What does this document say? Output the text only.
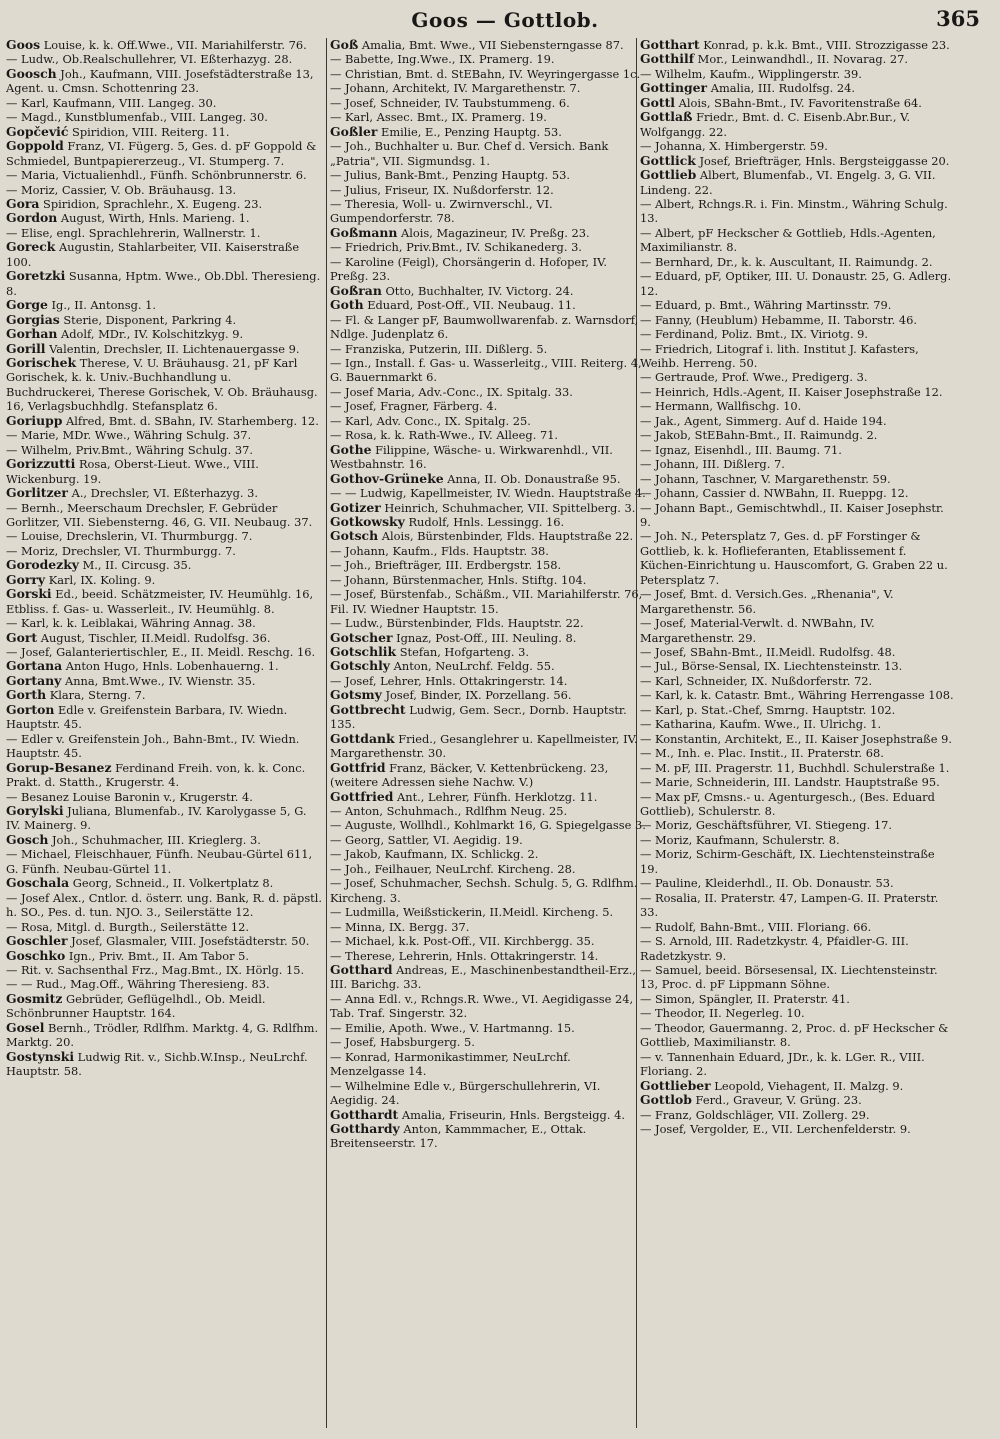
Goos — Gottlob.	365

Goos Louise, k. k. Off.Wwe., VII. Mariahilferstr. 76.

— Ludw., Ob.Realschullehrer, VI. Eßterhazyg. 28.

Goosch Joh., Kaufmann, VIII. Josefstädterstraße 13, Agent. u. Cmsn. Schottenring 23.

— Karl, Kaufmann, VIII. Langeg. 30.

— Magd., Kunstblumenfab., VIII. Langeg. 30.

Gopčević Spiridion, VIII. Reiterg. 11.

Goppold Franz, VI. Fügerg. 5, Ges. d. pF Goppold & Schmiedel, Buntpapiererzeug., VI. Stumperg. 7.

— Maria, Victualienhdl., Fünfh. Schönbrunnerstr. 6.

— Moriz, Cassier, V. Ob. Bräuhausg. 13.

Gora Spiridion, Sprachlehr., X. Eugeng. 23.

Gordon August, Wirth, Hnls. Marieng. 1.

— Elise, engl. Sprachlehrerin, Wallnerstr. 1.

Goreck Augustin, Stahlarbeiter, VII. Kaiserstraße 100.

Goretzki Susanna, Hptm. Wwe., Ob.Dbl. Theresieng. 8.

Gorge Ig., II. Antonsg. 1.

Gorgias Sterie, Disponent, Parkring 4.

Gorhan Adolf, MDr., IV. Kolschitzkyg. 9.

Gorill Valentin, Drechsler, II. Lichtenauergasse 9.

Gorischek Therese, V. U. Bräuhausg. 21, pF Karl Gorischek, k. k. Univ.-Buchhandlung u. Buchdruckerei, Therese Gorischek, V. Ob. Bräuhausg. 16, Verlagsbuchhdlg. Stefansplatz 6.

Goriupp Alfred, Bmt. d. SBahn, IV. Starhemberg. 12.

— Marie, MDr. Wwe., Währing Schulg. 37.

— Wilhelm, Priv.Bmt., Währing Schulg. 37.

Gorizzutti Rosa, Oberst-Lieut. Wwe., VIII. Wickenburg. 19.

Gorlitzer A., Drechsler, VI. Eßterhazyg. 3.

— Bernh., Meerschaum Drechsler, F. Gebrüder Gorlitzer, VII. Siebensterng. 46, G. VII. Neubaug. 37.

— Louise, Drechslerin, VI. Thurmburgg. 7.

— Moriz, Drechsler, VI. Thurmburgg. 7.

Gorodezky M., II. Circusg. 35.

Gorry Karl, IX. Koling. 9.

Gorski Ed., beeid. Schätzmeister, IV. Heumühlg. 16, Etbliss. f. Gas- u. Wasserleit., IV. Heumühlg. 8.

— Karl, k. k. Leiblakai, Währing Annag. 38.

Gort August, Tischler, II.Meidl. Rudolfsg. 36.

— Josef, Galanteriertischler, E., II. Meidl. Reschg. 16.

Gortana Anton Hugo, Hnls. Lobenhauerng. 1.

Gortany Anna, Bmt.Wwe., IV. Wienstr. 35.

Gorth Klara, Sterng. 7.

Gorton Edle v. Greifenstein Barbara, IV. Wiedn. Hauptstr. 45.

— Edler v. Greifenstein Joh., Bahn-Bmt., IV. Wiedn. Hauptstr. 45.

Gorup-Besanez Ferdinand Freih. von, k. k. Conc. Prakt. d. Statth., Krugerstr. 4.

— Besanez Louise Baronin v., Krugerstr. 4.

Gorylski Juliana, Blumenfab., IV. Karolygasse 5, G. IV. Mainerg. 9.

Gosch Joh., Schuhmacher, III. Krieglerg. 3.

— Michael, Fleischhauer, Fünfh. Neubau-Gürtel 611, G. Fünfh. Neubau-Gürtel 11.

Goschala Georg, Schneid., II. Volkertplatz 8.

— Josef Alex., Cntlor. d. österr. ung. Bank, R. d. päpstl. h. SO., Pes. d. tun. NJO. 3., Seilerstätte 12.

— Rosa, Mitgl. d. Burgth., Seilerstätte 12.

Goschler Josef, Glasmaler, VIII. Josefstädterstr. 50.

Goschko Ign., Priv. Bmt., II. Am Tabor 5.

— Rit. v. Sachsenthal Frz., Mag.Bmt., IX. Hörlg. 15.

— — Rud., Mag.Off., Währing Theresieng. 83.

Gosmitz Gebrüder, Geflügelhdl., Ob. Meidl. Schönbrunner Hauptstr. 164.

Gosel Bernh., Trödler, Rdlfhm. Marktg. 4, G. Rdlfhm. Marktg. 20.

Gostynski Ludwig Rit. v., Sichb.W.Insp., NeuLrchf. Hauptstr. 58.

Goß Amalia, Bmt. Wwe., VII Siebensterngasse 87.

— Babette, Ing.Wwe., IX. Pramerg. 19.

— Christian, Bmt. d. StEBahn, IV. Weyringergasse 1c.

— Johann, Architekt, IV. Margarethenstr. 7.

— Josef, Schneider, IV. Taubstummeng. 6.

— Karl, Assec. Bmt., IX. Pramerg. 19.

Goßler Emilie, E., Penzing Hauptg. 53.

— Joh., Buchhalter u. Bur. Chef d. Versich. Bank „Patria", VII. Sigmundsg. 1.

— Julius, Bank-Bmt., Penzing Hauptg. 53.

— Julius, Friseur, IX. Nußdorferstr. 12.

— Theresia, Woll- u. Zwirnverschl., VI. Gumpendorferstr. 78.

Goßmann Alois, Magazineur, IV. Preßg. 23.

— Friedrich, Priv.Bmt., IV. Schikanederg. 3.

— Karoline (Feigl), Chorsängerin d. Hofoper, IV. Preßg. 23.

Goßran Otto, Buchhalter, IV. Victorg. 24.

Goth Eduard, Post-Off., VII. Neubaug. 11.

— Fl. & Langer pF, Baumwollwarenfab. z. Warnsdorf, Ndlge. Judenplatz 6.

— Franziska, Putzerin, III. Dißlerg. 5.

— Ign., Install. f. Gas- u. Wasserleitg., VIII. Reiterg. 4, G. Bauernmarkt 6.

— Josef Maria, Adv.-Conc., IX. Spitalg. 33.

— Josef, Fragner, Färberg. 4.

— Karl, Adv. Conc., IX. Spitalg. 25.

— Rosa, k. k. Rath-Wwe., IV. Alleeg. 71.

Gothe Filippine, Wäsche- u. Wirkwarenhdl., VII. Westbahnstr. 16.

Gothov-Grüneke Anna, II. Ob. Donaustraße 95.

— — Ludwig, Kapellmeister, IV. Wiedn. Hauptstraße 4.

Gotizer Heinrich, Schuhmacher, VII. Spittelberg. 3.

Gotkowsky Rudolf, Hnls. Lessingg. 16.

Gotsch Alois, Bürstenbinder, Flds. Hauptstraße 22.

— Johann, Kaufm., Flds. Hauptstr. 38.

— Joh., Briefträger, III. Erdbergstr. 158.

— Johann, Bürstenmacher, Hnls. Stiftg. 104.

— Josef, Bürstenfab., Schäßm., VII. Mariahilferstr. 76, Fil. IV. Wiedner Hauptstr. 15.

— Ludw., Bürstenbinder, Flds. Hauptstr. 22.

Gotscher Ignaz, Post-Off., III. Neuling. 8.

Gotschlik Stefan, Hofgarteng. 3.

Gotschly Anton, NeuLrchf. Feldg. 55.

— Josef, Lehrer, Hnls. Ottakringerstr. 14.

Gotsmy Josef, Binder, IX. Porzellang. 56.

Gottbrecht Ludwig, Gem. Secr., Dornb. Hauptstr. 135.

Gottdank Fried., Gesanglehrer u. Kapellmeister, IV. Margarethenstr. 30.

Gottfrid Franz, Bäcker, V. Kettenbrückeng. 23, (weitere Adressen siehe Nachw. V.)

Gottfried Ant., Lehrer, Fünfh. Herklotzg. 11.

— Anton, Schuhmach., Rdlfhm Neug. 25.

— Auguste, Wollhdl., Kohlmarkt 16, G. Spiegelgasse 3.

— Georg, Sattler, VI. Aegidig. 19.

— Jakob, Kaufmann, IX. Schlickg. 2.

— Joh., Feilhauer, NeuLrchf. Kircheng. 28.

— Josef, Schuhmacher, Sechsh. Schulg. 5, G. Rdlfhm. Kircheng. 3.

— Ludmilla, Weißstickerin, II.Meidl. Kircheng. 5.

— Minna, IX. Bergg. 37.

— Michael, k.k. Post-Off., VII. Kirchbergg. 35.

— Therese, Lehrerin, Hnls. Ottakringerstr. 14.

Gotthard Andreas, E., Maschinenbestandtheil-Erz., III. Barichg. 33.

— Anna Edl. v., Rchngs.R. Wwe., VI. Aegidigasse 24, Tab. Traf. Singerstr. 32.

— Emilie, Apoth. Wwe., V. Hartmanng. 15.

— Josef, Habsburgerg. 5.

— Konrad, Harmonikastimmer, NeuLrchf. Menzelgasse 14.

— Wilhelmine Edle v., Bürgerschullehrerin, VI. Aegidig. 24.

Gotthardt Amalia, Friseurin, Hnls. Bergsteigg. 4.

Gotthardy Anton, Kammmacher, E., Ottak. Breitenseerstr. 17.

Gotthart Konrad, p. k.k. Bmt., VIII. Strozzigasse 23.

Gotthilf Mor., Leinwandhdl., II. Novarag. 27.

— Wilhelm, Kaufm., Wipplingerstr. 39.

Gottinger Amalia, III. Rudolfsg. 24.

Gottl Alois, SBahn-Bmt., IV. Favoritenstraße 64.

Gottlaß Friedr., Bmt. d. C. Eisenb.Abr.Bur., V. Wolfgangg. 22.

— Johanna, X. Himbergerstr. 59.

Gottlick Josef, Briefträger, Hnls. Bergsteiggasse 20.

Gottlieb Albert, Blumenfab., VI. Engelg. 3, G. VII. Lindeng. 22.

— Albert, Rchngs.R. i. Fin. Minstm., Währing Schulg. 13.

— Albert, pF Heckscher & Gottlieb, Hdls.-Agenten, Maximilianstr. 8.

— Bernhard, Dr., k. k. Auscultant, II. Raimundg. 2.

— Eduard, pF, Optiker, III. U. Donaustr. 25, G. Adlerg. 12.

— Eduard, p. Bmt., Währing Martinsstr. 79.

— Fanny, (Heublum) Hebamme, II. Taborstr. 46.

— Ferdinand, Poliz. Bmt., IX. Viriotg. 9.

— Friedrich, Litograf i. lith. Institut J. Kafasters, Weihb. Herreng. 50.

— Gertraude, Prof. Wwe., Predigerg. 3.

— Heinrich, Hdls.-Agent, II. Kaiser Josephstraße 12.

— Hermann, Wallfischg. 10.

— Jak., Agent, Simmerg. Auf d. Haide 194.

— Jakob, StEBahn-Bmt., II. Raimundg. 2.

— Ignaz, Eisenhdl., III. Baumg. 71.

— Johann, III. Dißlerg. 7.

— Johann, Taschner, V. Margarethenstr. 59.

— Johann, Cassier d. NWBahn, II. Rueppg. 12.

— Johann Bapt., Gemischtwhdl., II. Kaiser Josephstr. 9.

— Joh. N., Petersplatz 7, Ges. d. pF Forstinger & Gottlieb, k. k. Hoflieferanten, Etablissement f. Küchen-Einrichtung u. Hauscomfort, G. Graben 22 u. Petersplatz 7.

— Josef, Bmt. d. Versich.Ges. „Rhenania", V. Margarethenstr. 56.

— Josef, Material-Verwlt. d. NWBahn, IV. Margarethenstr. 29.

— Josef, SBahn-Bmt., II.Meidl. Rudolfsg. 48.

— Jul., Börse-Sensal, IX. Liechtensteinstr. 13.

— Karl, Schneider, IX. Nußdorferstr. 72.

— Karl, k. k. Catastr. Bmt., Währing Herrengasse 108.

— Karl, p. Stat.-Chef, Smrng. Hauptstr. 102.

— Katharina, Kaufm. Wwe., II. Ulrichg. 1.

— Konstantin, Architekt, E., II. Kaiser Josephstraße 9.

— M., Inh. e. Plac. Instit., II. Praterstr. 68.

— M. pF, III. Pragerstr. 11, Buchhdl. Schulerstraße 1.

— Marie, Schneiderin, III. Landstr. Hauptstraße 95.

— Max pF, Cmsns.- u. Agenturgesch., (Bes. Eduard Gottlieb), Schulerstr. 8.

— Moriz, Geschäftsführer, VI. Stiegeng. 17.

— Moriz, Kaufmann, Schulerstr. 8.

— Moriz, Schirm-Geschäft, IX. Liechtensteinstraße 19.

— Pauline, Kleiderhdl., II. Ob. Donaustr. 53.

— Rosalia, II. Praterstr. 47, Lampen-G. II. Praterstr. 33.

— Rudolf, Bahn-Bmt., VIII. Floriang. 66.

— S. Arnold, III. Radetzkystr. 4, Pfaidler-G. III. Radetzkystr. 9.

— Samuel, beeid. Börsesensal, IX. Liechtensteinstr. 13, Proc. d. pF Lippmann Söhne.

— Simon, Spängler, II. Praterstr. 41.

— Theodor, II. Negerleg. 10.

— Theodor, Gauermanng. 2, Proc. d. pF Heckscher & Gottlieb, Maximilianstr. 8.

— v. Tannenhain Eduard, JDr., k. k. LGer. R., VIII. Floriang. 2.

Gottlieber Leopold, Viehagent, II. Malzg. 9.

Gottlob Ferd., Graveur, V. Grüng. 23.

— Franz, Goldschläger, VII. Zollerg. 29.

— Josef, Vergolder, E., VII. Lerchenfelderstr. 9.
